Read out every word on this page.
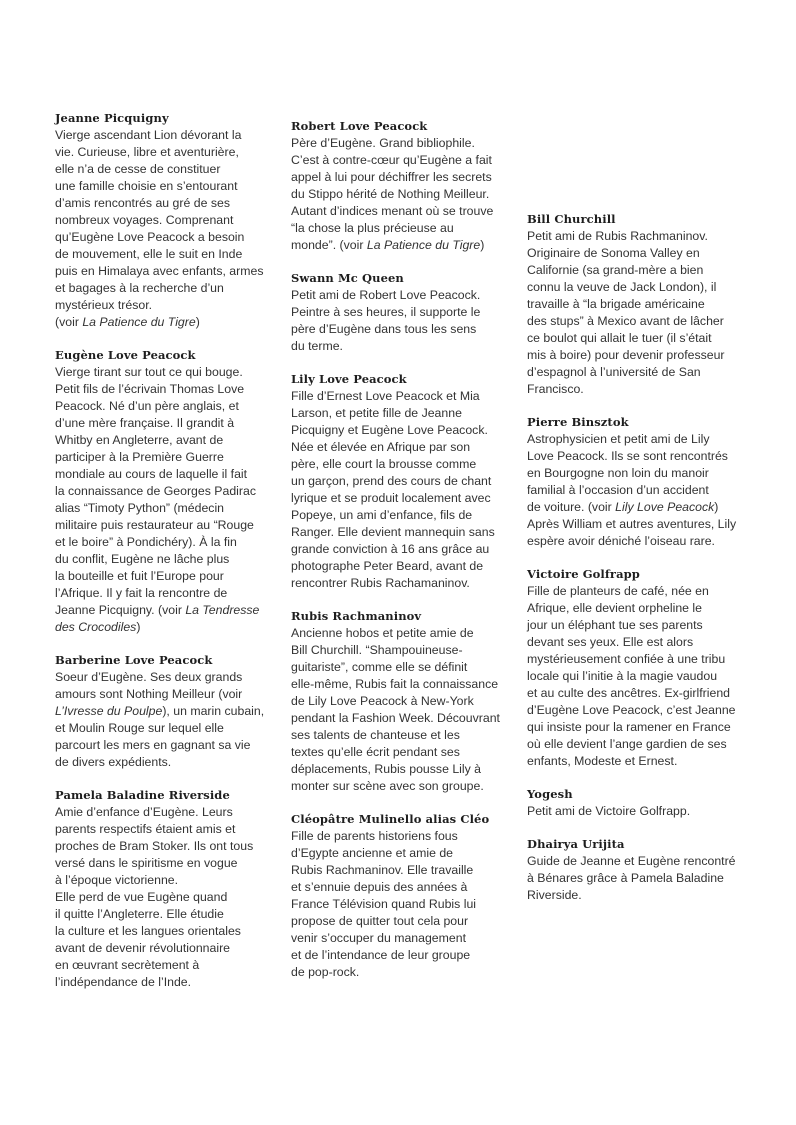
Jeanne Picquigny
Vierge ascendant Lion dévorant la
vie. Curieuse, libre et aventurière,
elle n’a de cesse de constituer
une famille choisie en s’entourant
d’amis rencontrés au gré de ses
nombreux voyages. Comprenant
qu’Eugène Love Peacock a besoin
de mouvement, elle le suit en Inde
puis en Himalaya avec enfants, armes
et bagages à la recherche d’un
mystérieux trésor.
(voir La Patience du Tigre)
Eugène Love Peacock
Vierge tirant sur tout ce qui bouge.
Petit fils de l’écrivain Thomas Love
Peacock. Né d’un père anglais, et
d’une mère française. Il grandit à
Whitby en Angleterre, avant de
participer à la Première Guerre
mondiale au cours de laquelle il fait
la connaissance de Georges Padirac
alias “Timoty Python” (médecin
militaire puis restaurateur au “Rouge
et le boire” à Pondichéry). À la fin
du conflit, Eugène ne lâche plus
la bouteille et fuit l’Europe pour
l’Afrique. Il y fait la rencontre de
Jeanne Picquigny. (voir La Tendresse
des Crocodiles)
Barberine Love Peacock
Soeur d’Eugène. Ses deux grands
amours sont Nothing Meilleur (voir
L’Ivresse du Poulpe), un marin cubain,
et Moulin Rouge sur lequel elle
parcourt les mers en gagnant sa vie
de divers expédients.
Pamela Baladine Riverside
Amie d’enfance d’Eugène. Leurs
parents respectifs étaient amis et
proches de Bram Stoker. Ils ont tous
versé dans le spiritisme en vogue
à l’époque victorienne.
Elle perd de vue Eugène quand
il quitte l’Angleterre. Elle étudie
la culture et les langues orientales
avant de devenir révolutionnaire
en œuvrant secrètement à
l’indépendance de l’Inde.
Robert Love Peacock
Père d’Eugène. Grand bibliophile.
C’est à contre-cœur qu’Eugène a fait
appel à lui pour déchiffrer les secrets
du Stippo hérité de Nothing Meilleur.
Autant d’indices menant où se trouve
“la chose la plus précieuse au
monde”. (voir La Patience du Tigre)
Swann Mc Queen
Petit ami de Robert Love Peacock.
Peintre à ses heures, il supporte le
père d’Eugène dans tous les sens
du terme.
Lily Love Peacock
Fille d’Ernest Love Peacock et Mia
Larson, et petite fille de Jeanne
Picquigny et Eugène Love Peacock.
Née et élevée en Afrique par son
père, elle court la brousse comme
un garçon, prend des cours de chant
lyrique et se produit localement avec
Popeye, un ami d’enfance, fils de
Ranger. Elle devient mannequin sans
grande conviction à 16 ans grâce au
photographe Peter Beard, avant de
rencontrer Rubis Rachamaninov.
Rubis Rachmaninov
Ancienne hobos et petite amie de
Bill Churchill. “Shampouineuse-
guitariste”, comme elle se définit
elle-même, Rubis fait la connaissance
de Lily Love Peacock à New-York
pendant la Fashion Week. Découvrant
ses talents de chanteuse et les
textes qu’elle écrit pendant ses
déplacements, Rubis pousse Lily à
monter sur scène avec son groupe.
Cléopâtre Mulinello alias Cléo
Fille de parents historiens fous
d’Egypte ancienne et amie de
Rubis Rachmaninov. Elle travaille
et s’ennuie depuis des années à
France Télévision quand Rubis lui
propose de quitter tout cela pour
venir s’occuper du management
et de l’intendance de leur groupe
de pop-rock.
Bill Churchill
Petit ami de Rubis Rachmaninov.
Originaire de Sonoma Valley en
Californie (sa grand-mère a bien
connu la veuve de Jack London), il
travaille à “la brigade américaine
des stups” à Mexico avant de lâcher
ce boulot qui allait le tuer (il s’était
mis à boire) pour devenir professeur
d’espagnol à l’université de San
Francisco.
Pierre Binsztok
Astrophysicien et petit ami de Lily
Love Peacock. Ils se sont rencontrés
en Bourgogne non loin du manoir
familial à l’occasion d’un accident
de voiture. (voir Lily Love Peacock)
Après William et autres aventures, Lily
espère avoir déniché l’oiseau rare.
Victoire Golfrapp
Fille de planteurs de café, née en
Afrique, elle devient orpheline le
jour un éléphant tue ses parents
devant ses yeux. Elle est alors
mystérieusement confiée à une tribu
locale qui l’initie à la magie vaudou
et au culte des ancêtres. Ex-girlfriend
d’Eugène Love Peacock, c’est Jeanne
qui insiste pour la ramener en France
où elle devient l’ange gardien de ses
enfants, Modeste et Ernest.
Yogesh
Petit ami de Victoire Golfrapp.
Dhairya Urijita
Guide de Jeanne et Eugène rencontré
à Bénares grâce à Pamela Baladine
Riverside.
